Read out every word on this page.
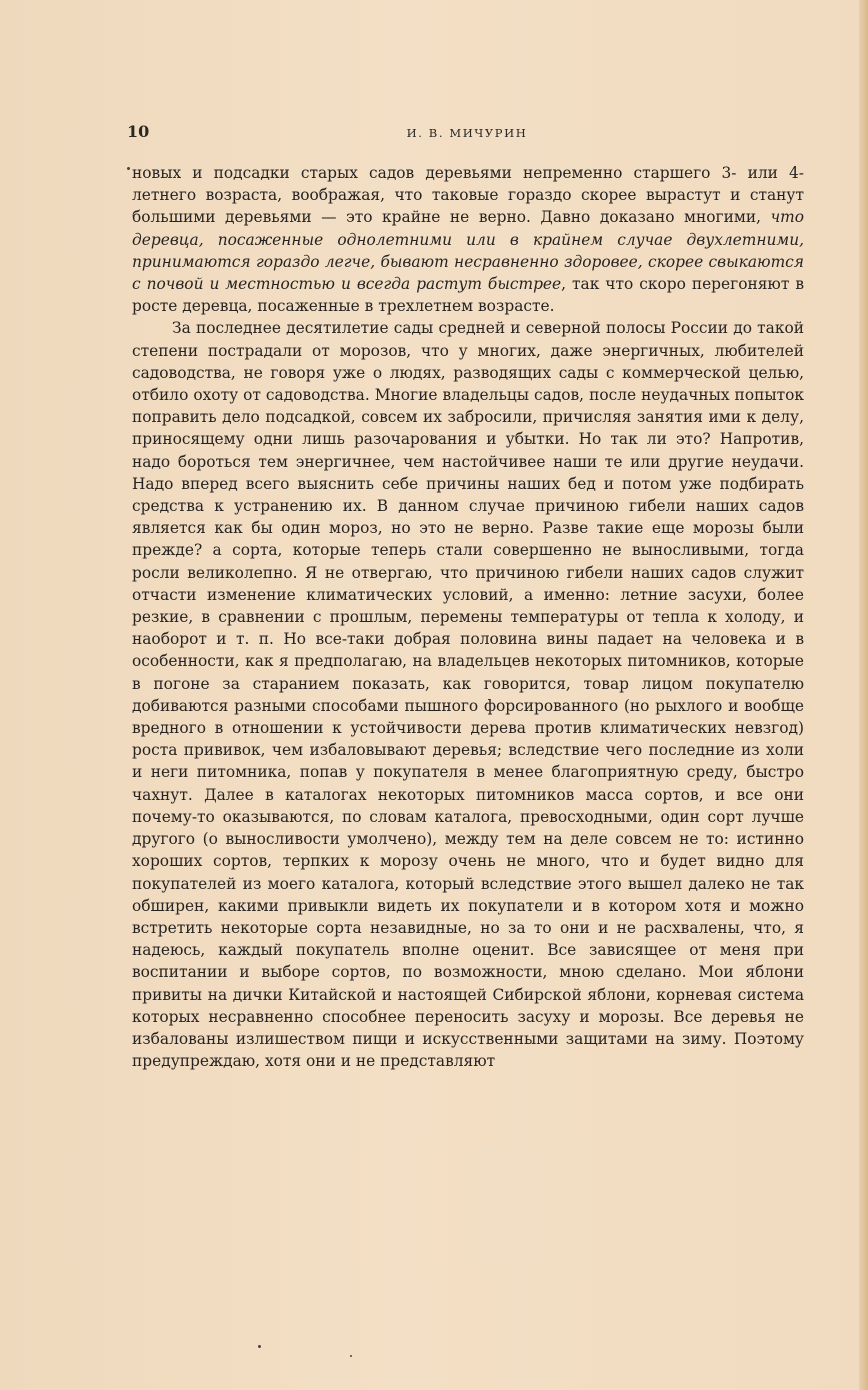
10	И. В. МИЧУРИН

новых и подсадки старых садов деревьями непременно старшего 3- или 4-летнего возраста, воображая, что таковые гораздо скорее вырастут и станут большими деревьями — это крайне не верно. Давно доказано многими, что деревца, посаженные однолетними или в крайнем случае двухлетними, принимаются гораздо легче, бывают несравненно здоровее, скорее свыкаются с почвой и местностью и всегда растут быстрее, так что скоро перегоняют в росте деревца, посаженные в трехлетнем возрасте.

За последнее десятилетие сады средней и северной полосы России до такой степени пострадали от морозов, что у многих, даже энергичных, любителей садоводства, не говоря уже о людях, разводящих сады с коммерческой целью, отбило охоту от садоводства. Многие владельцы садов, после неудачных попыток поправить дело подсадкой, совсем их забросили, причисляя занятия ими к делу, приносящему одни лишь разочарования и убытки. Но так ли это? Напротив, надо бороться тем энергичнее, чем настойчивее наши те или другие неудачи. Надо вперед всего выяснить себе причины наших бед и потом уже подбирать средства к устранению их. В данном случае причиною гибели наших садов является как бы один мороз, но это не верно. Разве такие еще морозы были прежде? а сорта, которые теперь стали совершенно не выносливыми, тогда росли великолепно. Я не отвергаю, что причиною гибели наших садов служит отчасти изменение климатических условий, а именно: летние засухи, более резкие, в сравнении с прошлым, перемены температуры от тепла к холоду, и наоборот и т. п. Но все-таки добрая половина вины падает на человека и в особенности, как я предполагаю, на владельцев некоторых питомников, которые в погоне за старанием показать, как говорится, товар лицом покупателю добиваются разными способами пышного форсированного (но рыхлого и вообще вредного в отношении к устойчивости дерева против климатических невзгод) роста прививок, чем избаловывают деревья; вследствие чего последние из холи и неги питомника, попав у покупателя в менее благоприятную среду, быстро чахнут. Далее в каталогах некоторых питомников масса сортов, и все они почему-то оказываются, по словам каталога, превосходными, один сорт лучше другого (о выносливости умолчено), между тем на деле совсем не то: истинно хороших сортов, терпких к морозу очень не много, что и будет видно для покупателей из моего каталога, который вследствие этого вышел далеко не так обширен, какими привыкли видеть их покупатели и в котором хотя и можно встретить некоторые сорта незавидные, но за то они и не расхвалены, что, я надеюсь, каждый покупатель вполне оценит. Все зависящее от меня при воспитании и выборе сортов, по возможности, мною сделано. Мои яблони привиты на дички Китайской и настоящей Сибирской яблони, корневая система которых несравненно способнее переносить засуху и морозы. Все деревья не избалованы излишеством пищи и искусственными защитами на зиму. Поэтому предупреждаю, хотя они и не представляют
